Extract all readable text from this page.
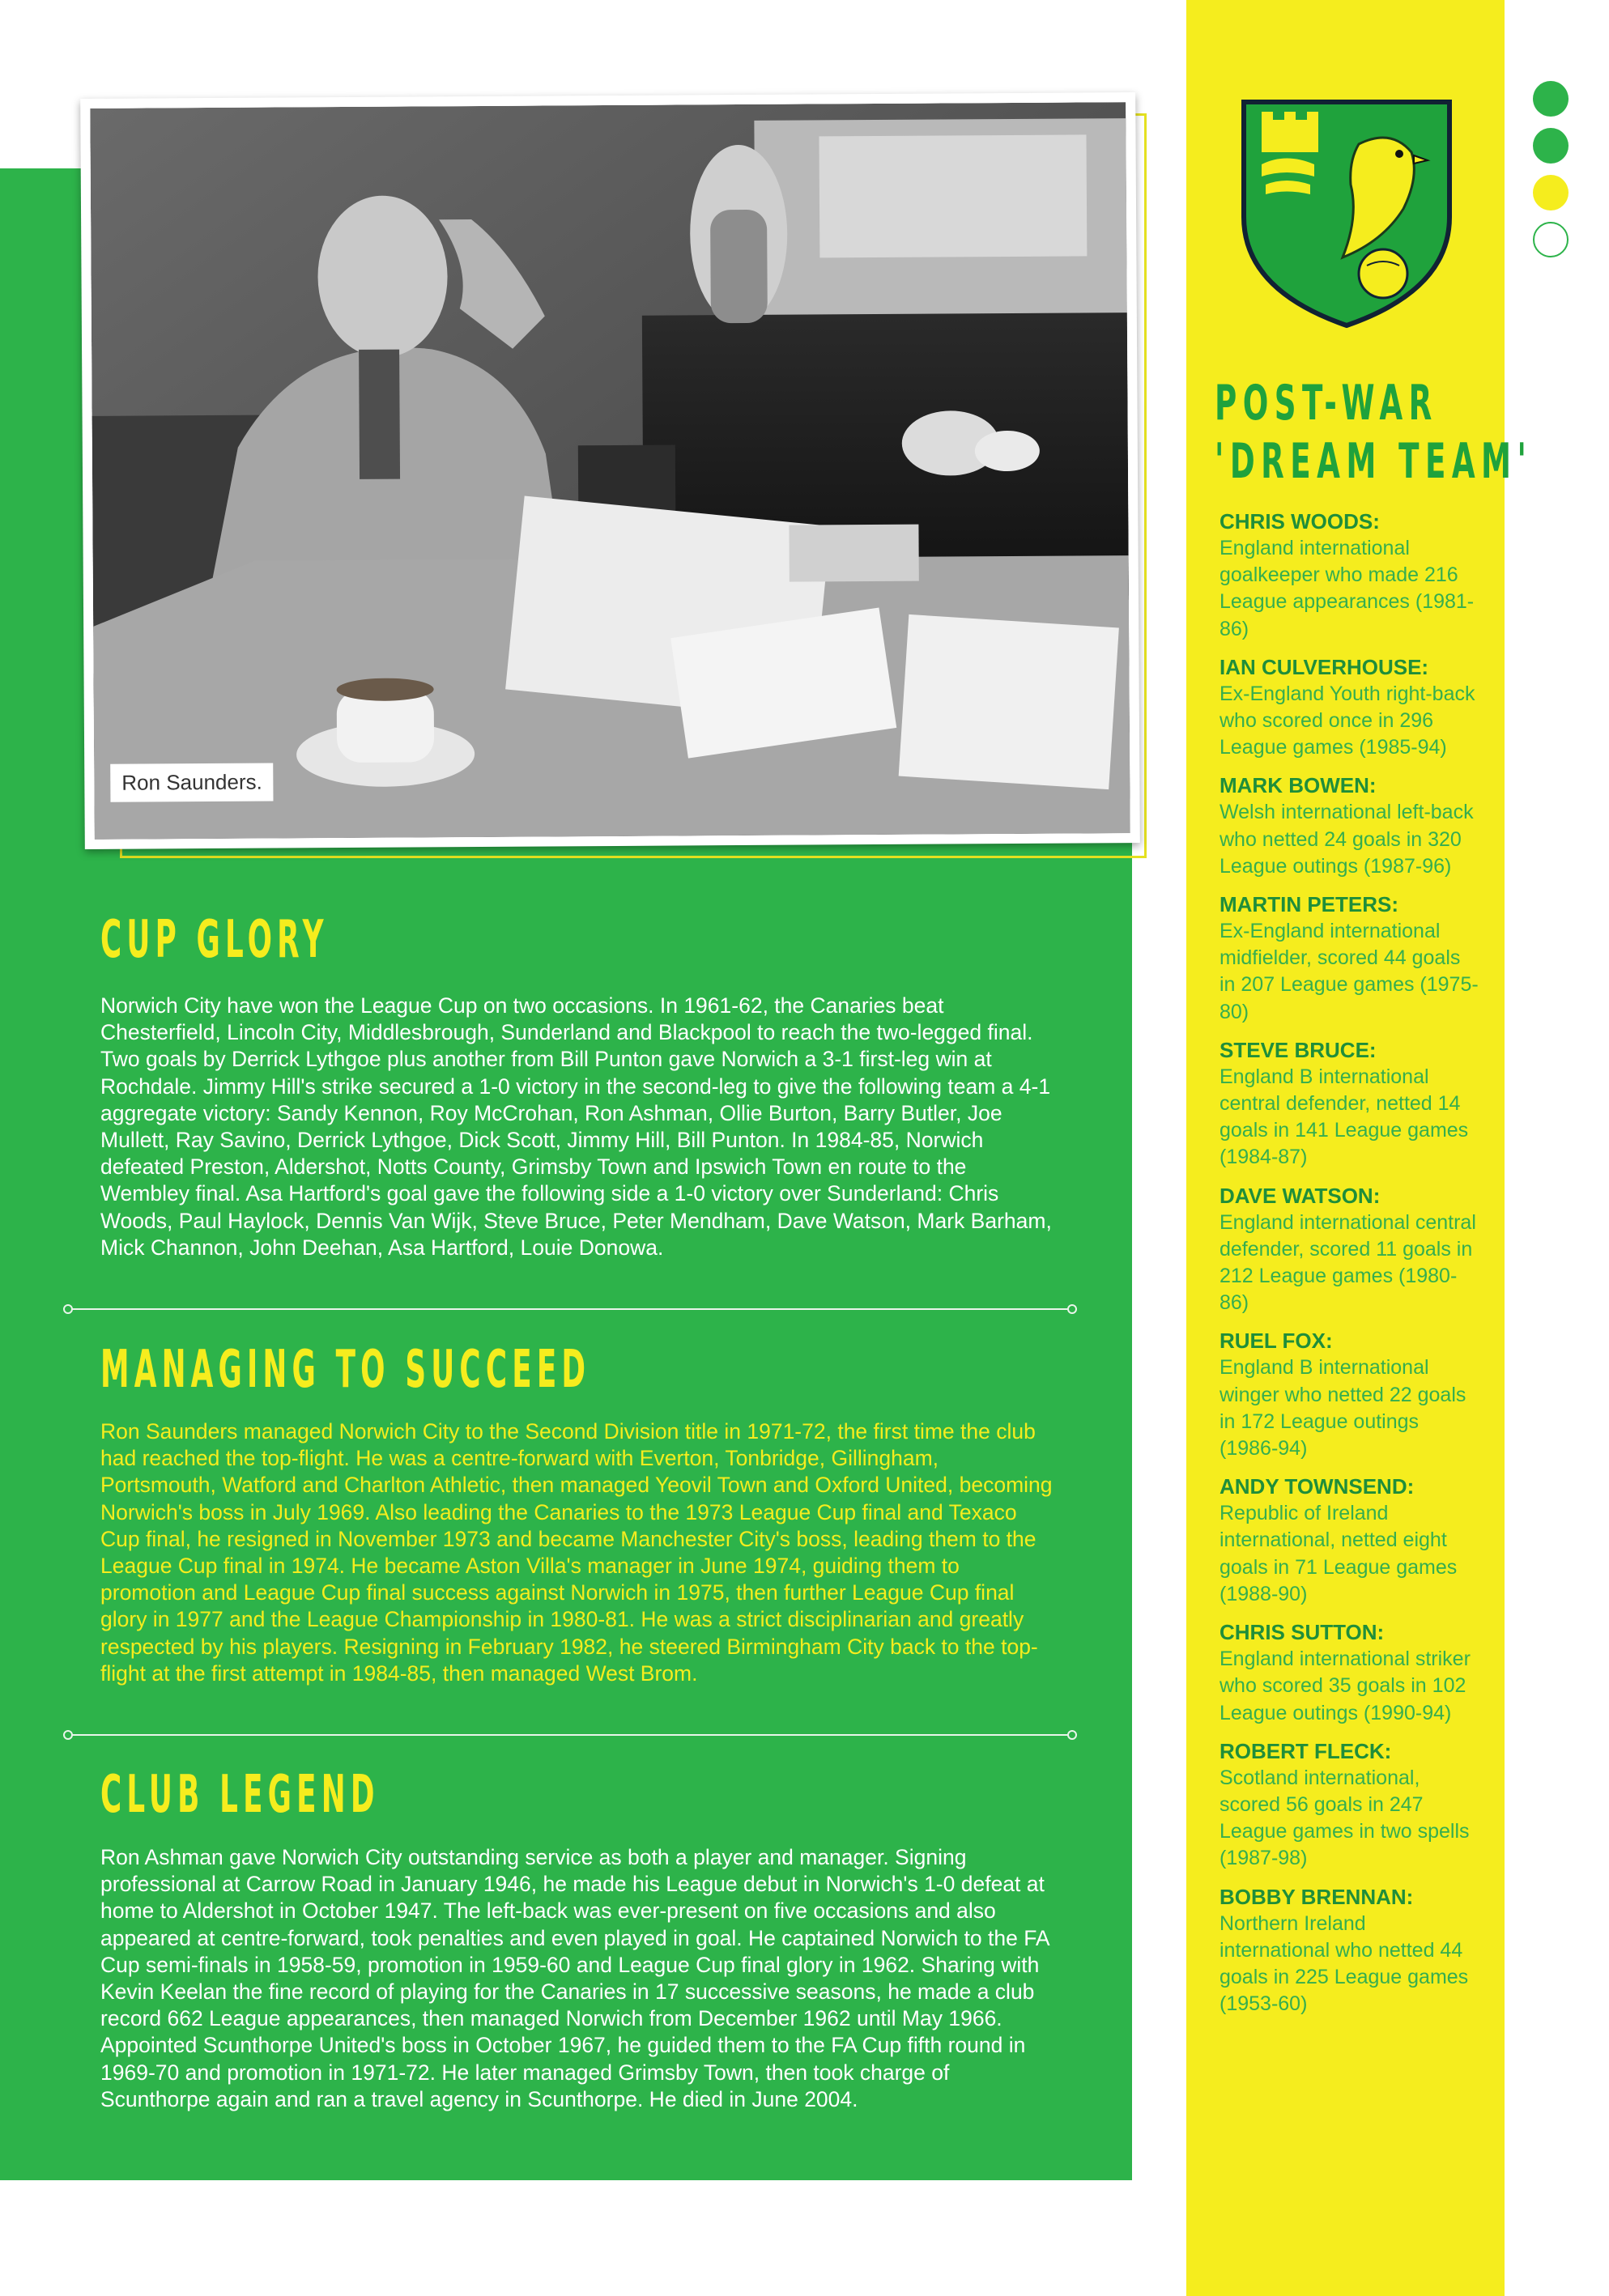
Ron Saunders.
CUP GLORY

Norwich City have won the League Cup on two occasions. In 1961-62, the Canaries beat Chesterfield, Lincoln City, Middlesbrough, Sunderland and Blackpool to reach the two-legged final. Two goals by Derrick Lythgoe plus another from Bill Punton gave Norwich a 3-1 first-leg win at Rochdale. Jimmy Hill's strike secured a 1-0 victory in the second-leg to give the following team a 4-1 aggregate victory: Sandy Kennon, Roy McCrohan, Ron Ashman, Ollie Burton, Barry Butler, Joe Mullett, Ray Savino, Derrick Lythgoe, Dick Scott, Jimmy Hill, Bill Punton. In 1984-85, Norwich defeated Preston, Aldershot, Notts County, Grimsby Town and Ipswich Town en route to the Wembley final. Asa Hartford's goal gave the following side a 1-0 victory over Sunderland: Chris Woods, Paul Haylock, Dennis Van Wijk, Steve Bruce, Peter Mendham, Dave Watson, Mark Barham, Mick Channon, John Deehan, Asa Hartford, Louie Donowa.

MANAGING TO SUCCEED

Ron Saunders managed Norwich City to the Second Division title in 1971-72, the first time the club had reached the top-flight. He was a centre-forward with Everton, Tonbridge, Gillingham, Portsmouth, Watford and Charlton Athletic, then managed Yeovil Town and Oxford United, becoming Norwich's boss in July 1969. Also leading the Canaries to the 1973 League Cup final and Texaco Cup final, he resigned in November 1973 and became Manchester City's boss, leading them to the League Cup final in 1974. He became Aston Villa's manager in June 1974, guiding them to promotion and League Cup final success against Norwich in 1975, then further League Cup final glory in 1977 and the League Championship in 1980-81. He was a strict disciplinarian and greatly respected by his players. Resigning in February 1982, he steered Birmingham City back to the top-flight at the first attempt in 1984-85, then managed West Brom.

CLUB LEGEND

Ron Ashman gave Norwich City outstanding service as both a player and manager. Signing professional at Carrow Road in January 1946, he made his League debut in Norwich's 1-0 defeat at home to Aldershot in October 1947. The left-back was ever-present on five occasions and also appeared at centre-forward, took penalties and even played in goal. He captained Norwich to the FA Cup semi-finals in 1958-59, promotion in 1959-60 and League Cup final glory in 1962. Sharing with Kevin Keelan the fine record of playing for the Canaries in 17 successive seasons, he made a club record 662 League appearances, then managed Norwich from December 1962 until May 1966. Appointed Scunthorpe United's boss in October 1967, he guided them to the FA Cup fifth round in 1969-70 and promotion in 1971-72. He later managed Grimsby Town, then took charge of Scunthorpe again and ran a travel agency in Scunthorpe. He died in June 2004.

POST-WAR
'DREAM TEAM'
CHRIS WOODS:
England international goalkeeper who made 216 League appearances (1981-86)
IAN CULVERHOUSE:
Ex-England Youth right-back who scored once in 296 League games (1985-94)
MARK BOWEN:
Welsh international left-back who netted 24 goals in 320 League outings (1987-96)
MARTIN PETERS:
Ex-England international midfielder, scored 44 goals in 207 League games (1975-80)
STEVE BRUCE:
England B international central defender, netted 14 goals in 141 League games (1984-87)
DAVE WATSON:
England international central defender, scored 11 goals in 212 League games (1980-86)
RUEL FOX:
England B international winger who netted 22 goals in 172 League outings (1986-94)
ANDY TOWNSEND:
Republic of Ireland international, netted eight goals in 71 League games (1988-90)
CHRIS SUTTON:
England international striker who scored 35 goals in 102 League outings (1990-94)
ROBERT FLECK:
Scotland international, scored 56 goals in 247 League games in two spells (1987-98)
BOBBY BRENNAN:
Northern Ireland international who netted 44 goals in 225 League games (1953-60)
